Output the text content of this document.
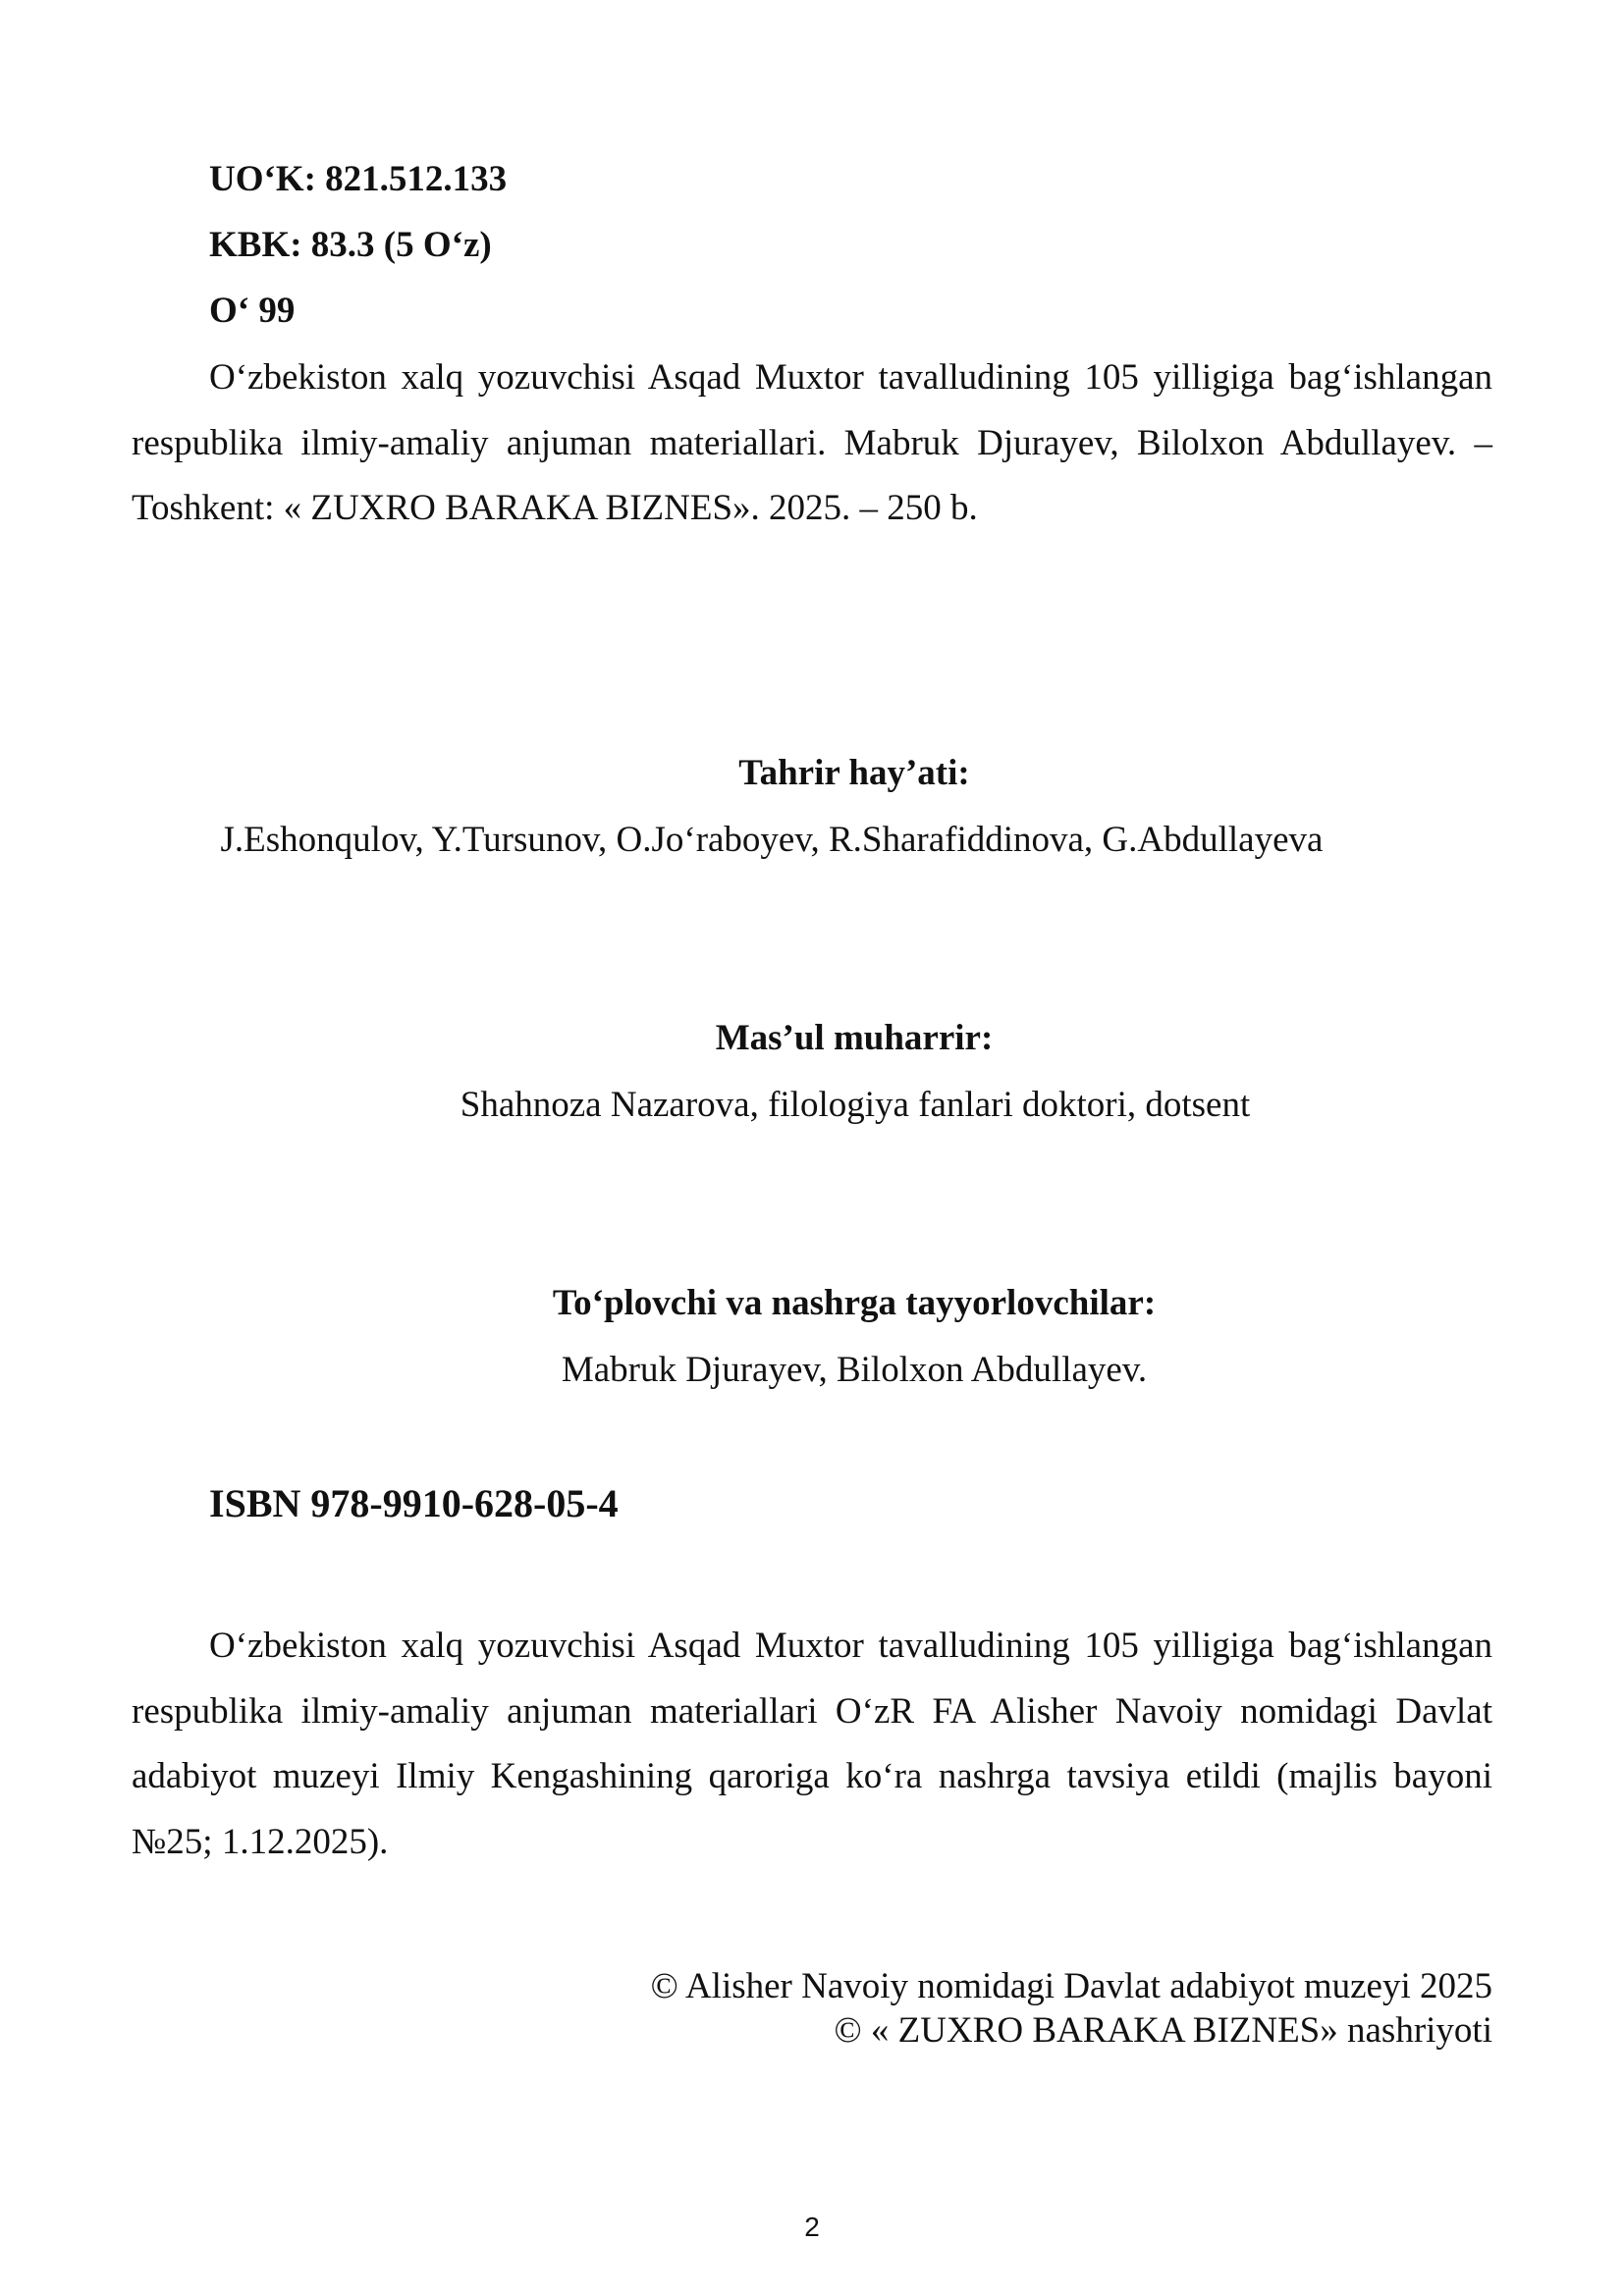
UO‘K: 821.512.133
KBK: 83.3 (5 O‘z)
O‘ 99
O‘zbekiston xalq yozuvchisi Asqad Muxtor tavalludining 105 yilligiga bag‘ishlangan respublika ilmiy-amaliy anjuman materiallari. Mabruk Djurayev, Bilolxon Abdullayev. – Toshkent: « ZUXRO BARAKA BIZNES». 2025. – 250 b.
Tahrir hay’ati:
J.Eshonqulov, Y.Tursunov, O.Jo‘raboyev, R.Sharafiddinova, G.Abdullayeva
Mas’ul muharrir:
Shahnoza Nazarova, filologiya fanlari doktori, dotsent
To‘plovchi va nashrga tayyorlovchilar:
Mabruk Djurayev, Bilolxon Abdullayev.
ISBN 978-9910-628-05-4
O‘zbekiston xalq yozuvchisi Asqad Muxtor tavalludining 105 yilligiga bag‘ishlangan respublika ilmiy-amaliy anjuman materiallari O‘zR FA Alisher Navoiy nomidagi Davlat adabiyot muzeyi Ilmiy Kengashining qaroriga ko‘ra nashrga tavsiya etildi (majlis bayoni №25; 1.12.2025).
© Alisher Navoiy nomidagi Davlat adabiyot muzeyi 2025
© « ZUXRO BARAKA BIZNES» nashriyoti
2
